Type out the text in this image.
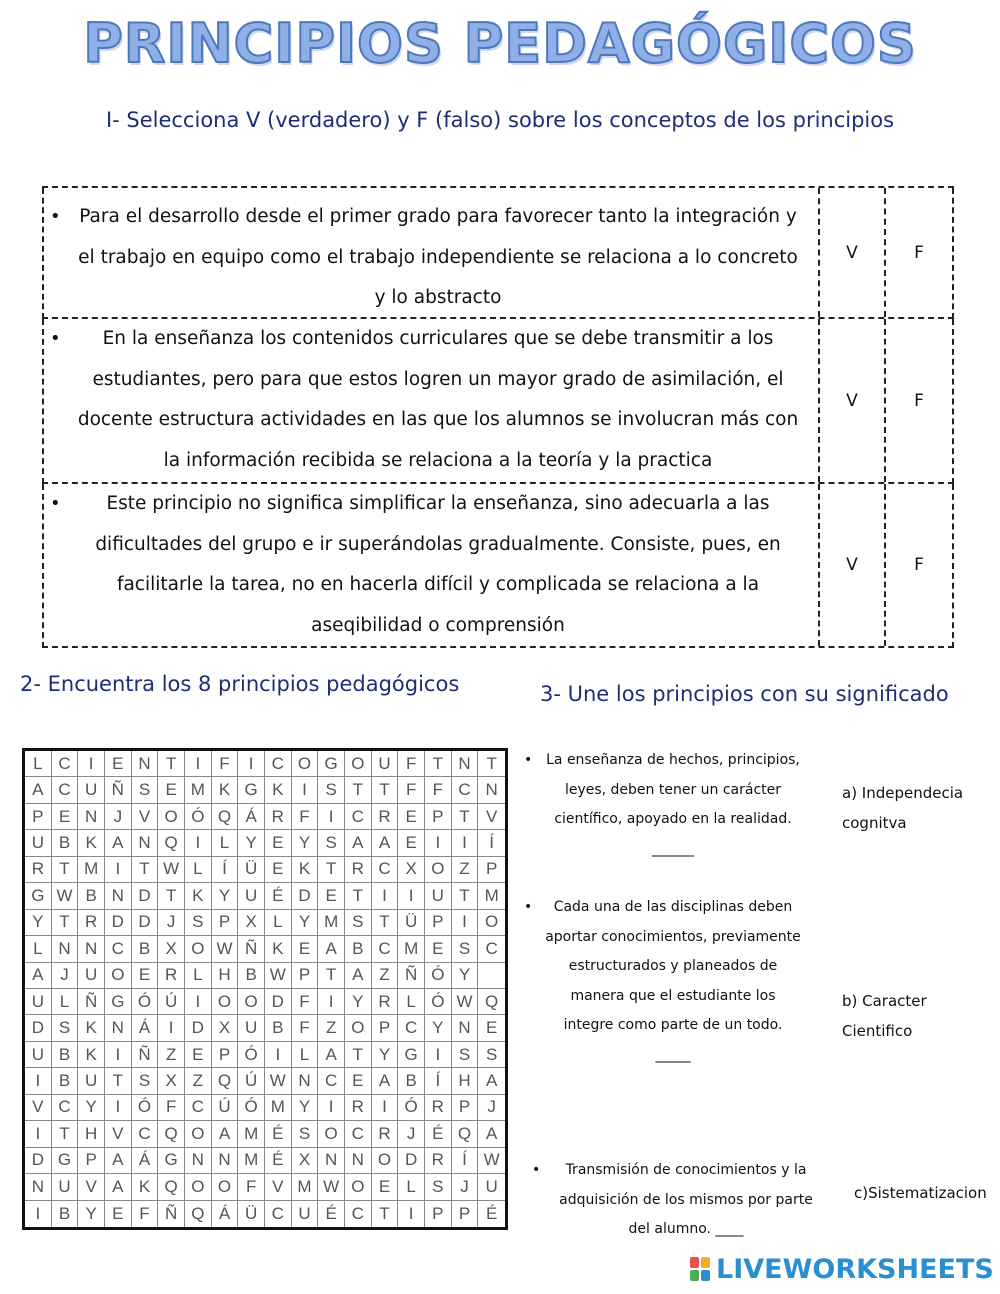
PRINCIPIOS PEDAGÓGICOS
I- Selecciona V (verdadero) y F (falso) sobre los conceptos de los principios
• Para el desarrollo desde el primer grado para favorecer tanto la integración y el trabajo en equipo como el trabajo independiente se relaciona a lo concreto y lo abstracto
V	F
• En la enseñanza los contenidos curriculares que se debe transmitir a los estudiantes, pero para que estos logren un mayor grado de asimilación, el docente estructura actividades en las que los alumnos se involucran más con la información recibida se relaciona a la teoría y la practica
V	F
• Este principio no significa simplificar la enseñanza, sino adecuarla a las dificultades del grupo e ir superándolas gradualmente. Consiste, pues, en facilitarle la tarea, no en hacerla difícil y complicada se relaciona a la aseqibilidad o comprensión
V	F
2- Encuentra los 8 principios pedagógicos	3- Une los principios con su significado
L C	I	E N T	I	F	I	C O G O U F T N T
A C U Ñ S E M K G K	I	S T T F F C N
P E N J V O Ó Q Á R F	I	C R E P T V
U B K A N Q	I	L Y E Y S A A E	I	I	Í
R T M	I	T W L	Í	Ü E K T R C X O Z P
G W B N D T K Y U É D E T	I	I	U T M
Y T R D D J S P X L Y M S T Ü P	I	O
L N N C B X O W Ñ K E A B C M E S C
A J U O E R L H B W P T A Z Ñ Ó Y
U L Ñ G Ó Ú	I	O O D F	I	Y R L Ó W Q
D S K N Á	I	D X U B F Z O P C Y N E
U B K	I	Ñ Z E P Ó	I	L A T Y G	I	S S
I	B U T S X Z Q Ú W N C E A B	Í	H A
V C Y	I	Ó F C Ú Ó M Y	I	R	I	Ó R P	J
I	T H V C Q O A M É S O C R J É Q A
D G P A Á G N N M É X N N O D R	Í W
N U V A K Q O O F V M W O E L S J U
I	B Y E F Ñ Q Á Ü C U É C T	I	P P É
• La enseñanza de hechos, principios, leyes, deben tener un carácter científico, apoyado en la realidad. ______
• Cada una de las disciplinas deben aportar conocimientos, previamente estructurados y planeados de manera que el estudiante los integre como parte de un todo. _____
• Transmisión de conocimientos y la adquisición de los mismos por parte del alumno. ____
a) Independecia cognitva
b) Caracter Cientifico
c)Sistematizacion
LIVEWORKSHEETS
